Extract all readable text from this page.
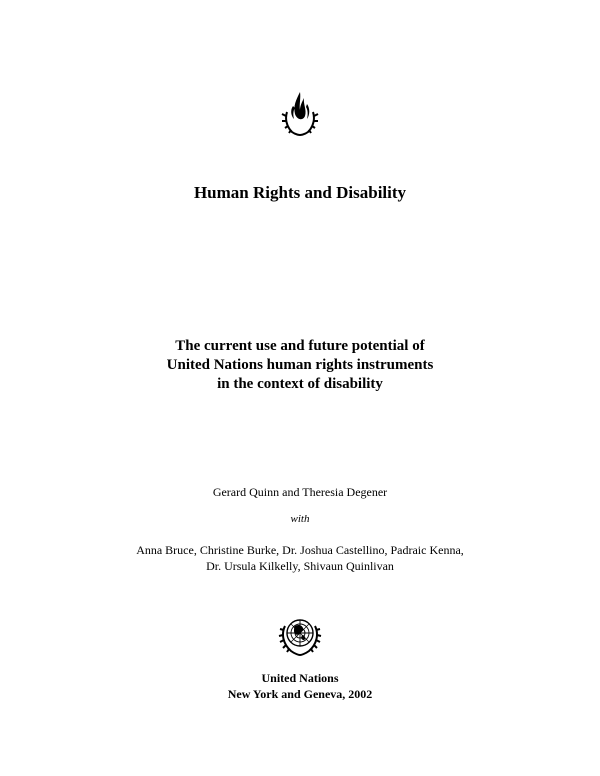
Human Rights and Disability
The current use and future potential of
United Nations human rights instruments
in the context of disability
Gerard Quinn and Theresia Degener
with
Anna Bruce, Christine Burke, Dr. Joshua Castellino, Padraic Kenna,
Dr. Ursula Kilkelly, Shivaun Quinlivan
United Nations
New York and Geneva, 2002
